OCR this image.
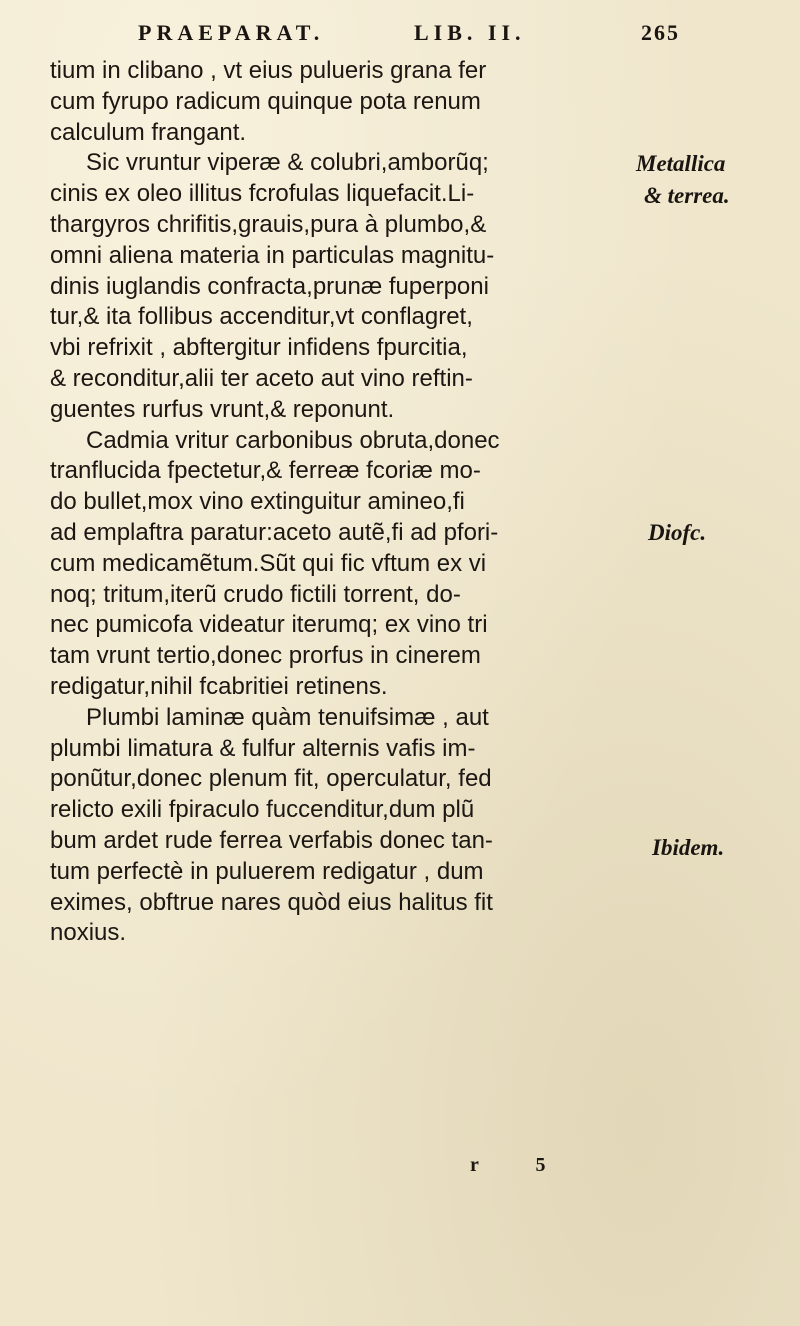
PRAEPARAT.	LIB. II.	265
tium in clibano , vt eius pulueris grana fer
cum fyrupo radicum quinque pota renum
calculum frangant.
Sic vruntur viperæ & colubri,amborũq;
cinis ex oleo illitus fcrofulas liquefacit.Li-
thargyros chrifitis,grauis,pura à plumbo,&
omni aliena materia in particulas magnitu-
dinis iuglandis confracta,prunæ fuperponi
tur,& ita follibus accenditur,vt conflagret,
vbi refrixit , abftergitur infidens fpurcitia,
& reconditur,alii ter aceto aut vino reftin-
guentes rurfus vrunt,& reponunt.
Cadmia vritur carbonibus obruta,donec
tranflucida fpectetur,& ferreæ fcoriæ mo-
do bullet,mox vino extinguitur amineo,fi
ad emplaftra paratur:aceto autẽ,fi ad pfori-
cum medicamẽtum.Sũt qui fic vftum ex vi
noq; tritum,iterũ crudo fictili torrent, do-
nec pumicofa videatur iterumq; ex vino tri
tam vrunt tertio,donec prorfus in cinerem
redigatur,nihil fcabritiei retinens.
Plumbi laminæ quàm tenuifsimæ , aut
plumbi limatura & fulfur alternis vafis im-
ponũtur,donec plenum fit, operculatur, fed
relicto exili fpiraculo fuccenditur,dum plũ
bum ardet rude ferrea verfabis donec tan-
tum perfectè in puluerem redigatur , dum
eximes, obftrue nares quòd eius halitus fit
noxius.
Metallica
& terrea.
Diofc.
Ibidem.
r 5
